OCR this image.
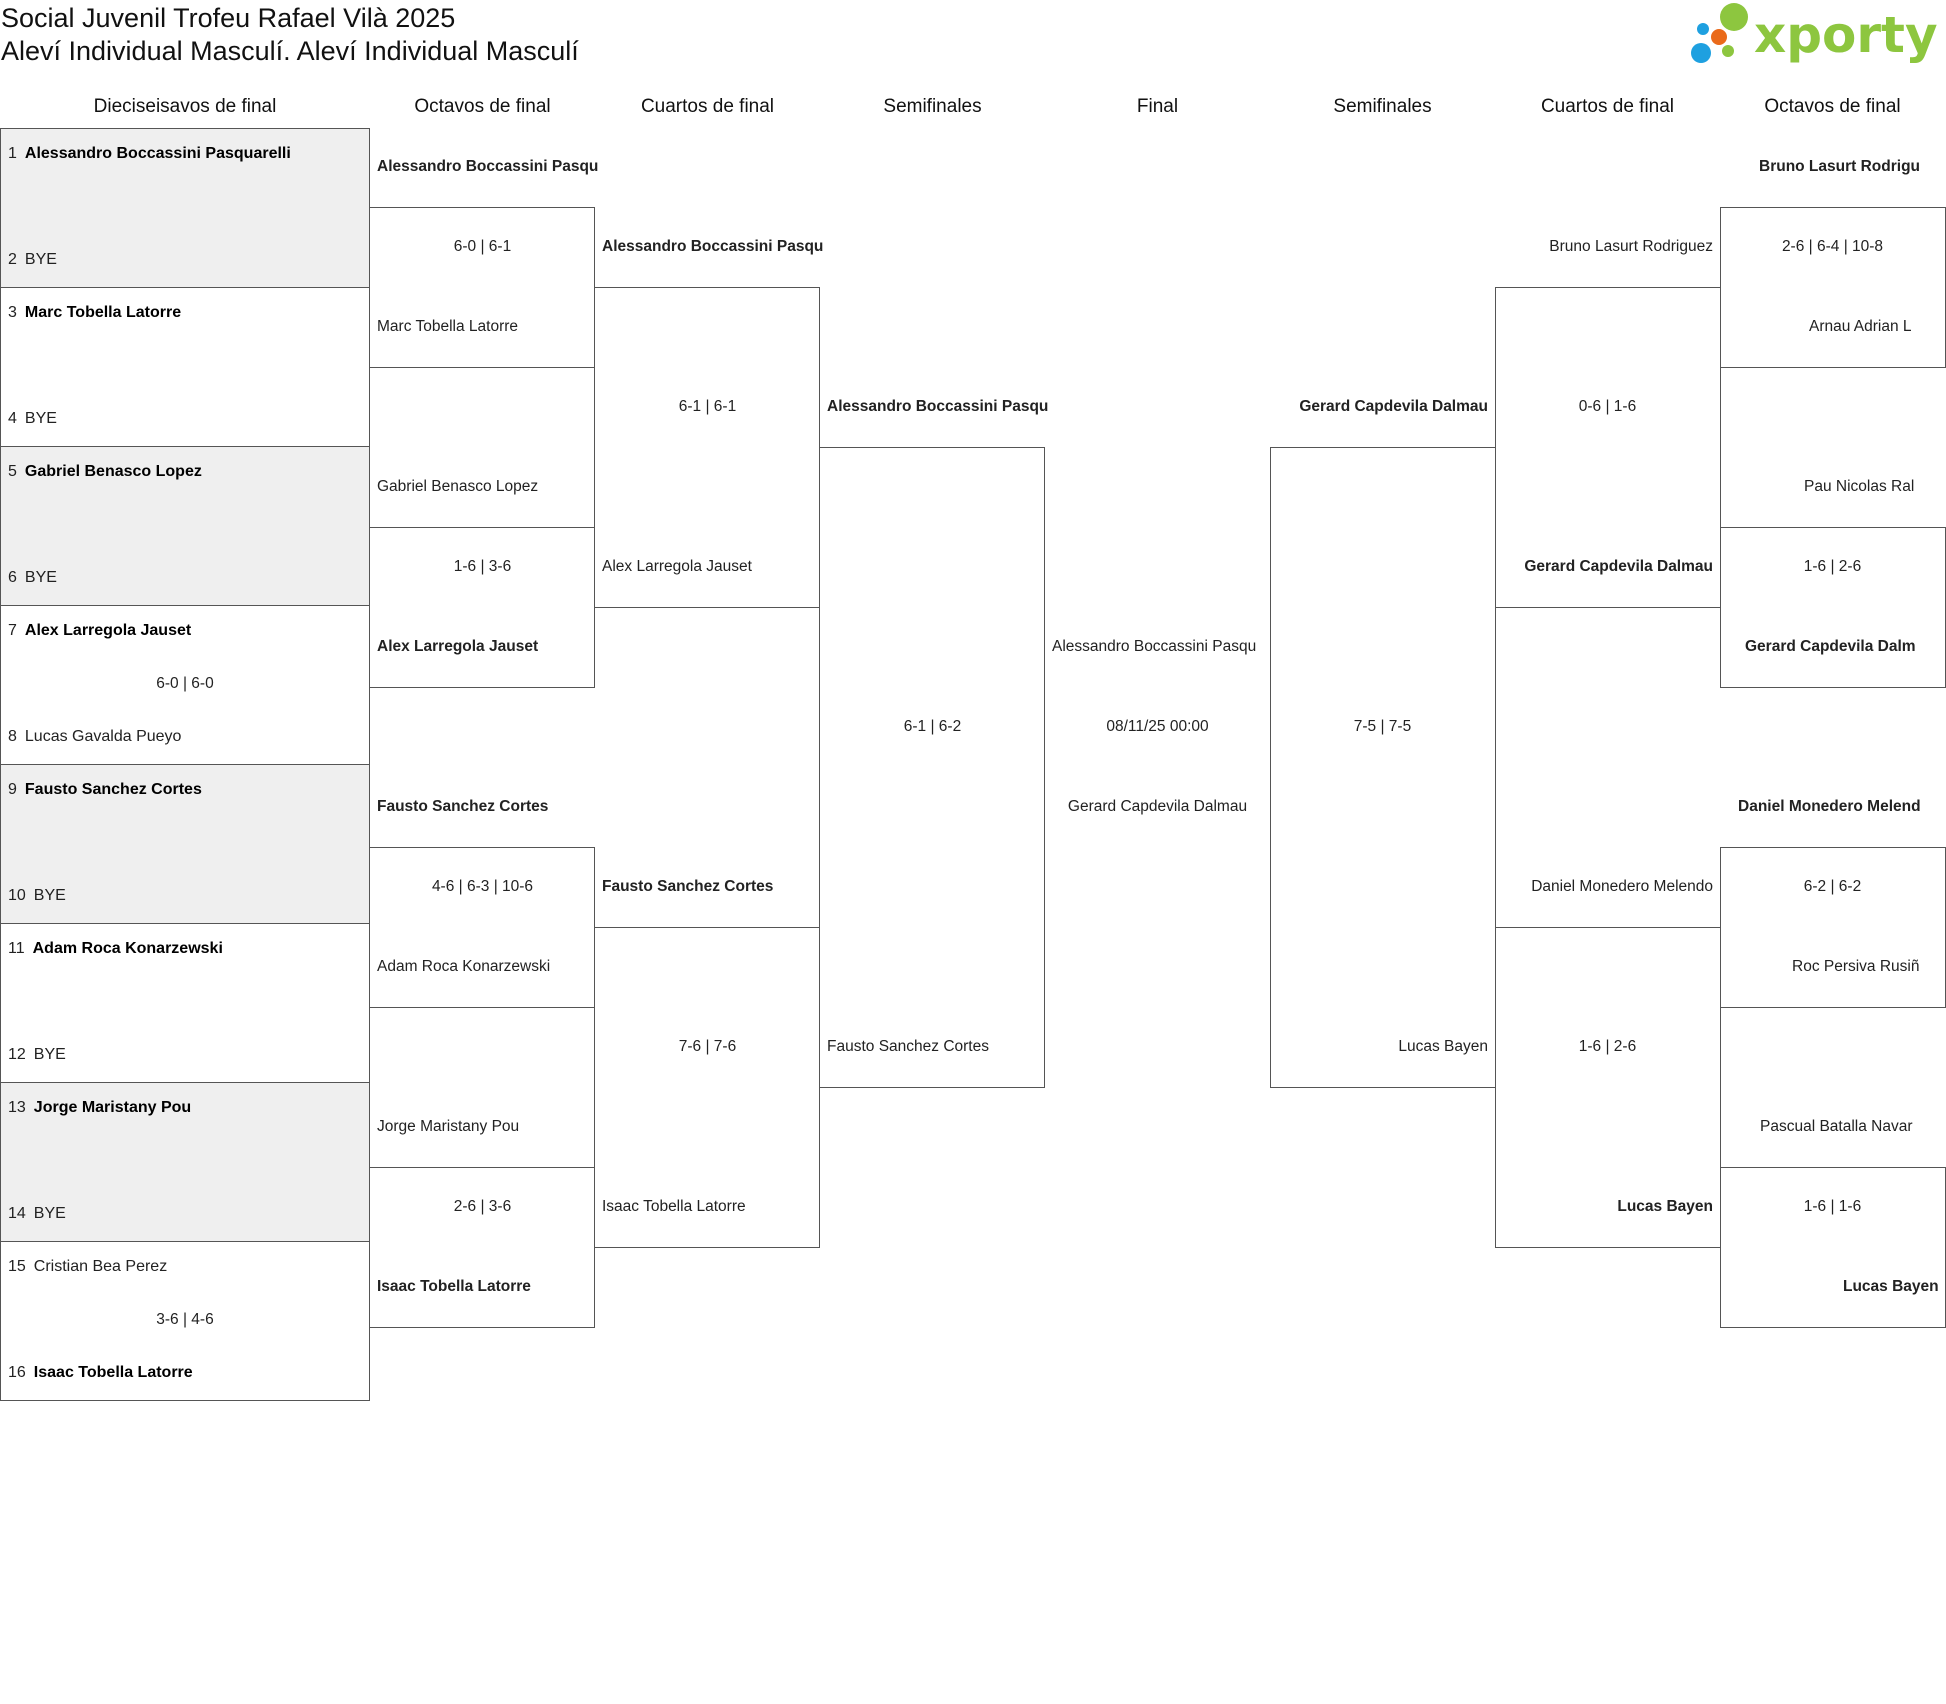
Social Juvenil Trofeu Rafael Vilà 2025
Aleví Individual Masculí. Aleví Individual Masculí	xporty
Dieciseisavos de final	Octavos de final	Cuartos de final	Semifinales	Final	Semifinales	Cuartos de final	Octavos de final
1 Alessandro Boccassini Pasquarelli
2 BYE
3 Marc Tobella Latorre
4 BYE
5 Gabriel Benasco Lopez
6 BYE
7 Alex Larregola Jauset
6-0 | 6-0
8 Lucas Gavalda Pueyo
9 Fausto Sanchez Cortes
10 BYE
11 Adam Roca Konarzewski
12 BYE
13 Jorge Maristany Pou
14 BYE
15 Cristian Bea Perez
3-6 | 4-6
16 Isaac Tobella Latorre
Alessandro Boccassini Pasqu
6-0 | 6-1
Marc Tobella Latorre
Gabriel Benasco Lopez
1-6 | 3-6
Alex Larregola Jauset
Fausto Sanchez Cortes
4-6 | 6-3 | 10-6
Adam Roca Konarzewski
Jorge Maristany Pou
2-6 | 3-6
Isaac Tobella Latorre
Alessandro Boccassini Pasqu
6-1 | 6-1
Alex Larregola Jauset
Fausto Sanchez Cortes
7-6 | 7-6
Isaac Tobella Latorre
Alessandro Boccassini Pasqu
6-1 | 6-2
Fausto Sanchez Cortes
Alessandro Boccassini Pasqu
08/11/25 00:00
Gerard Capdevila Dalmau
Gerard Capdevila Dalmau
7-5 | 7-5
Lucas Bayen
Bruno Lasurt Rodriguez
0-6 | 1-6
Gerard Capdevila Dalmau
Daniel Monedero Melendo
1-6 | 2-6
Lucas Bayen
Bruno Lasurt Rodrigu
2-6 | 6-4 | 10-8
Arnau Adrian L
Pau Nicolas Ral
1-6 | 2-6
Gerard Capdevila Dalm
Daniel Monedero Melend
6-2 | 6-2
Roc Persiva Rusiñ
Pascual Batalla Navar
1-6 | 1-6
Lucas Bayen
